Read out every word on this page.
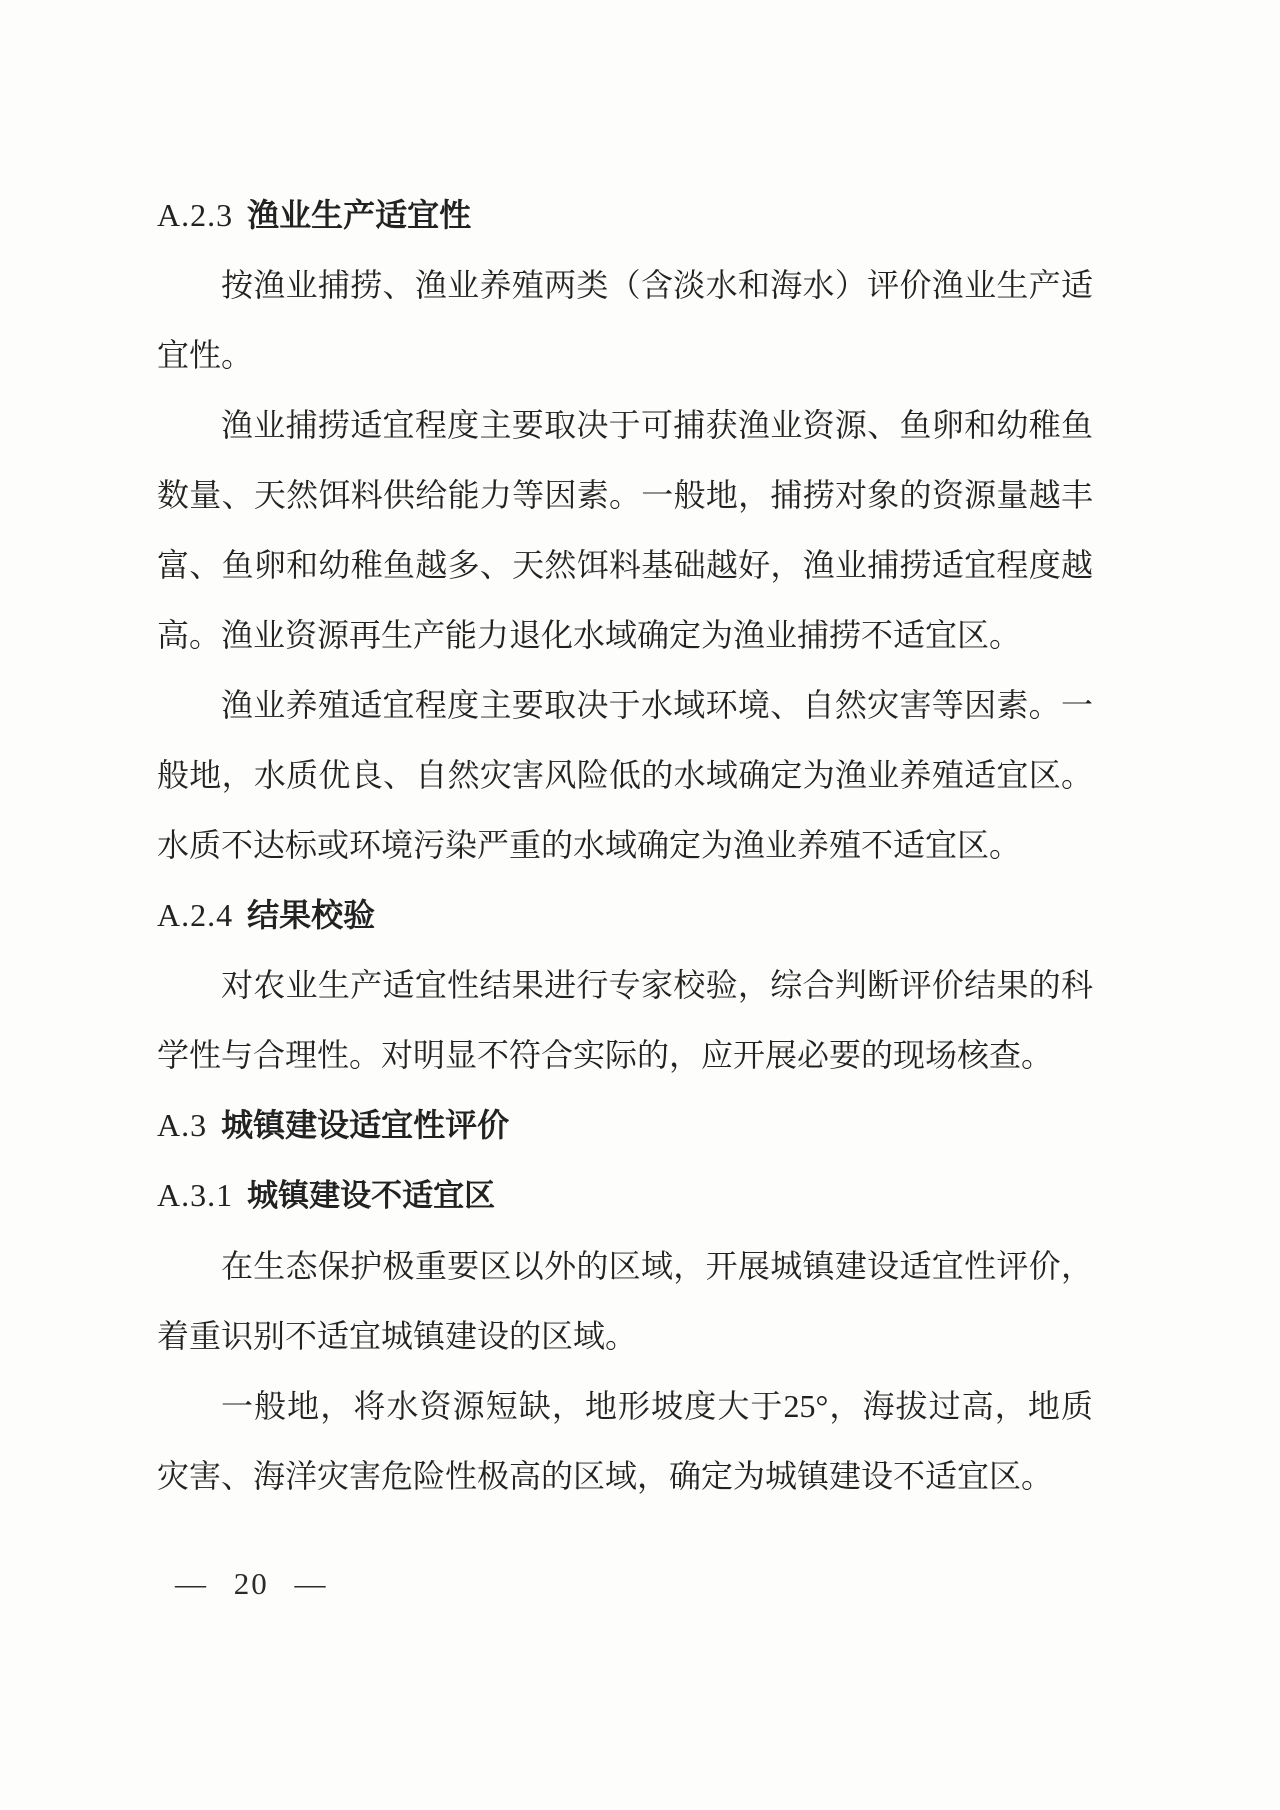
A.2.3 渔业生产适宜性

按渔业捕捞、渔业养殖两类（含淡水和海水）评价渔业生产适宜性。

渔业捕捞适宜程度主要取决于可捕获渔业资源、鱼卵和幼稚鱼数量、天然饵料供给能力等因素。一般地，捕捞对象的资源量越丰富、鱼卵和幼稚鱼越多、天然饵料基础越好，渔业捕捞适宜程度越高。渔业资源再生产能力退化水域确定为渔业捕捞不适宜区。

渔业养殖适宜程度主要取决于水域环境、自然灾害等因素。一般地，水质优良、自然灾害风险低的水域确定为渔业养殖适宜区。水质不达标或环境污染严重的水域确定为渔业养殖不适宜区。

A.2.4 结果校验

对农业生产适宜性结果进行专家校验，综合判断评价结果的科学性与合理性。对明显不符合实际的，应开展必要的现场核查。

A.3 城镇建设适宜性评价
A.3.1 城镇建设不适宜区

在生态保护极重要区以外的区域，开展城镇建设适宜性评价，着重识别不适宜城镇建设的区域。

一般地，将水资源短缺，地形坡度大于25°，海拔过高，地质灾害、海洋灾害危险性极高的区域，确定为城镇建设不适宜区。

— 20 —
